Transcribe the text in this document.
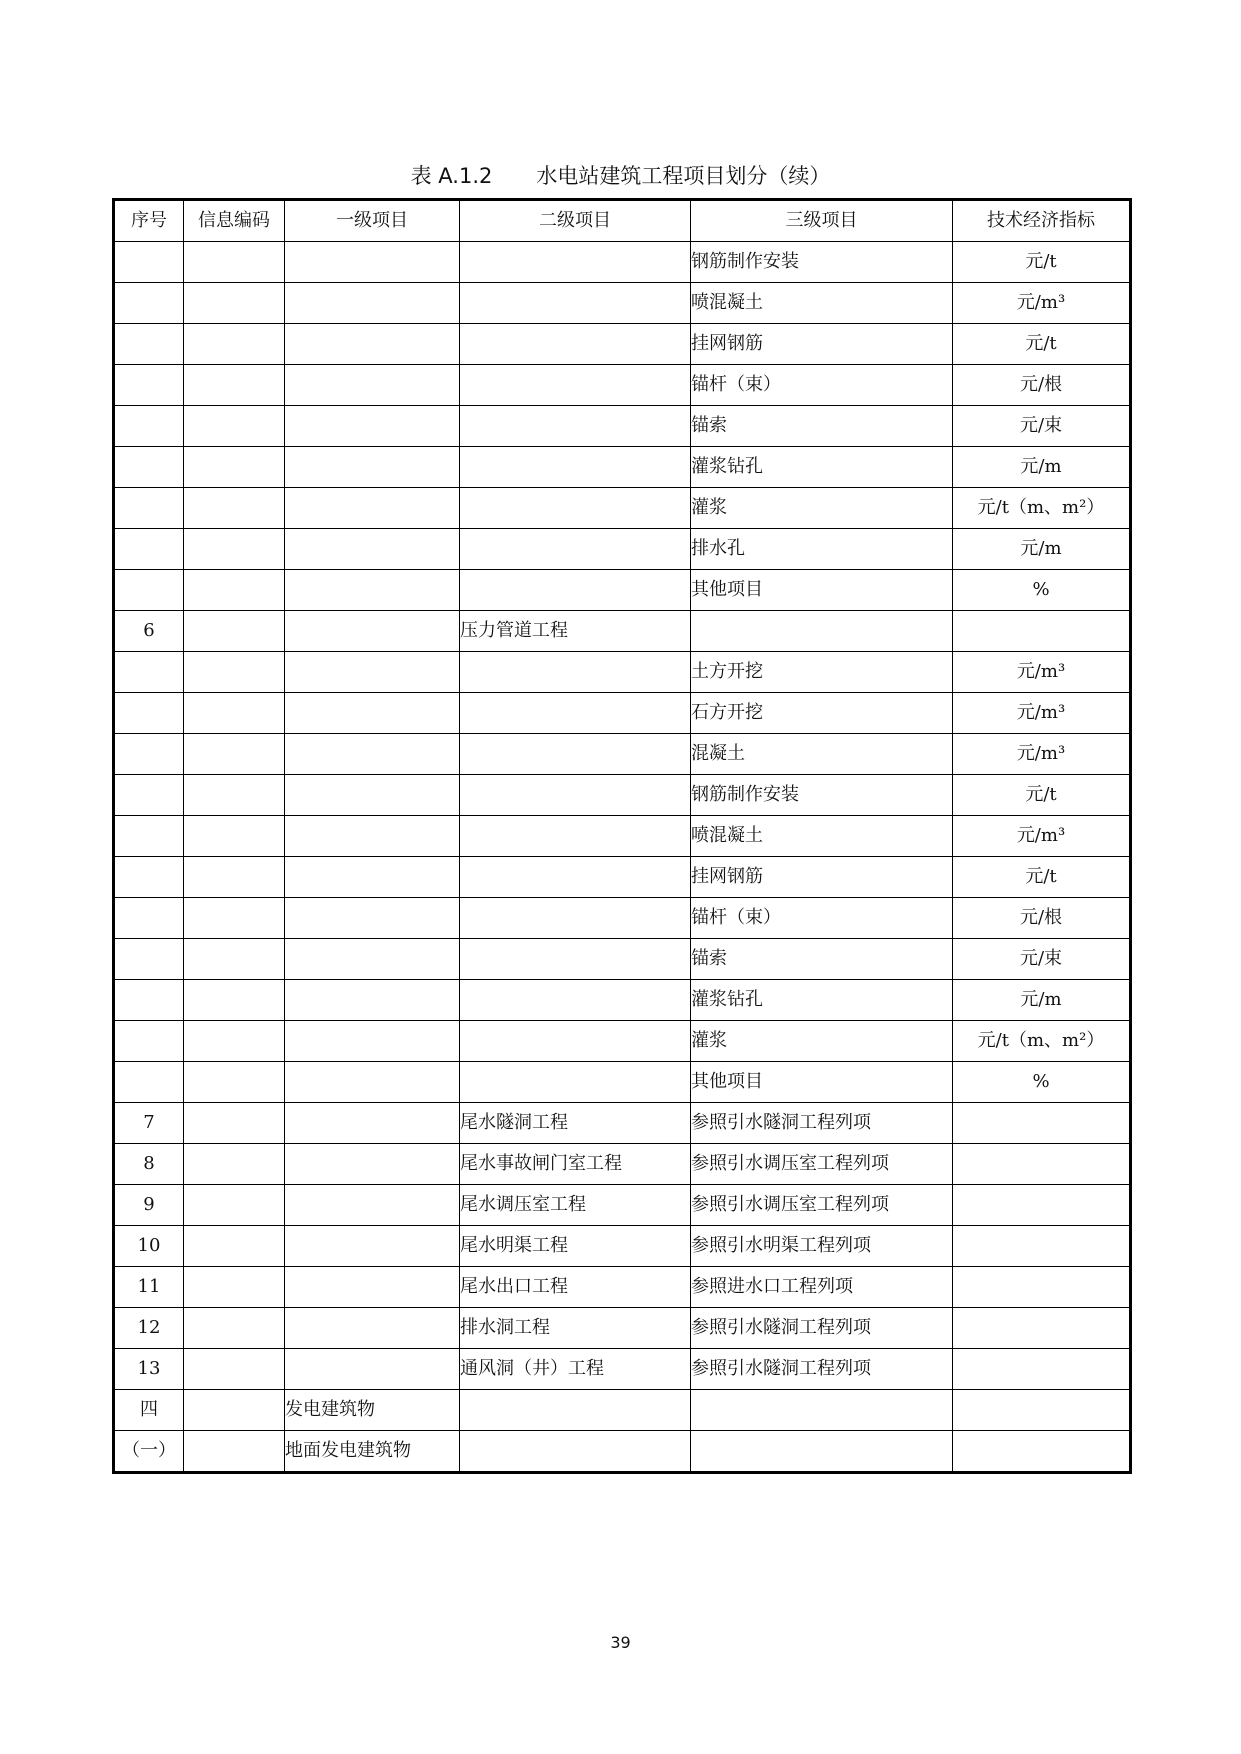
表 A.1.2 水电站建筑工程项目划分（续）
序号	信息编码	一级项目	二级项目	三级项目	技术经济指标
				钢筋制作安装	元/t
				喷混凝土	元/m³
				挂网钢筋	元/t
				锚杆（束）	元/根
				锚索	元/束
				灌浆钻孔	元/m
				灌浆	元/t（m、m²）
				排水孔	元/m
				其他项目	%
6			压力管道工程		
				土方开挖	元/m³
				石方开挖	元/m³
				混凝土	元/m³
				钢筋制作安装	元/t
				喷混凝土	元/m³
				挂网钢筋	元/t
				锚杆（束）	元/根
				锚索	元/束
				灌浆钻孔	元/m
				灌浆	元/t（m、m²）
				其他项目	%
7			尾水隧洞工程	参照引水隧洞工程列项	
8			尾水事故闸门室工程	参照引水调压室工程列项	
9			尾水调压室工程	参照引水调压室工程列项	
10			尾水明渠工程	参照引水明渠工程列项	
11			尾水出口工程	参照进水口工程列项	
12			排水洞工程	参照引水隧洞工程列项	
13			通风洞（井）工程	参照引水隧洞工程列项	
四		发电建筑物			
（一）		地面发电建筑物			
39
